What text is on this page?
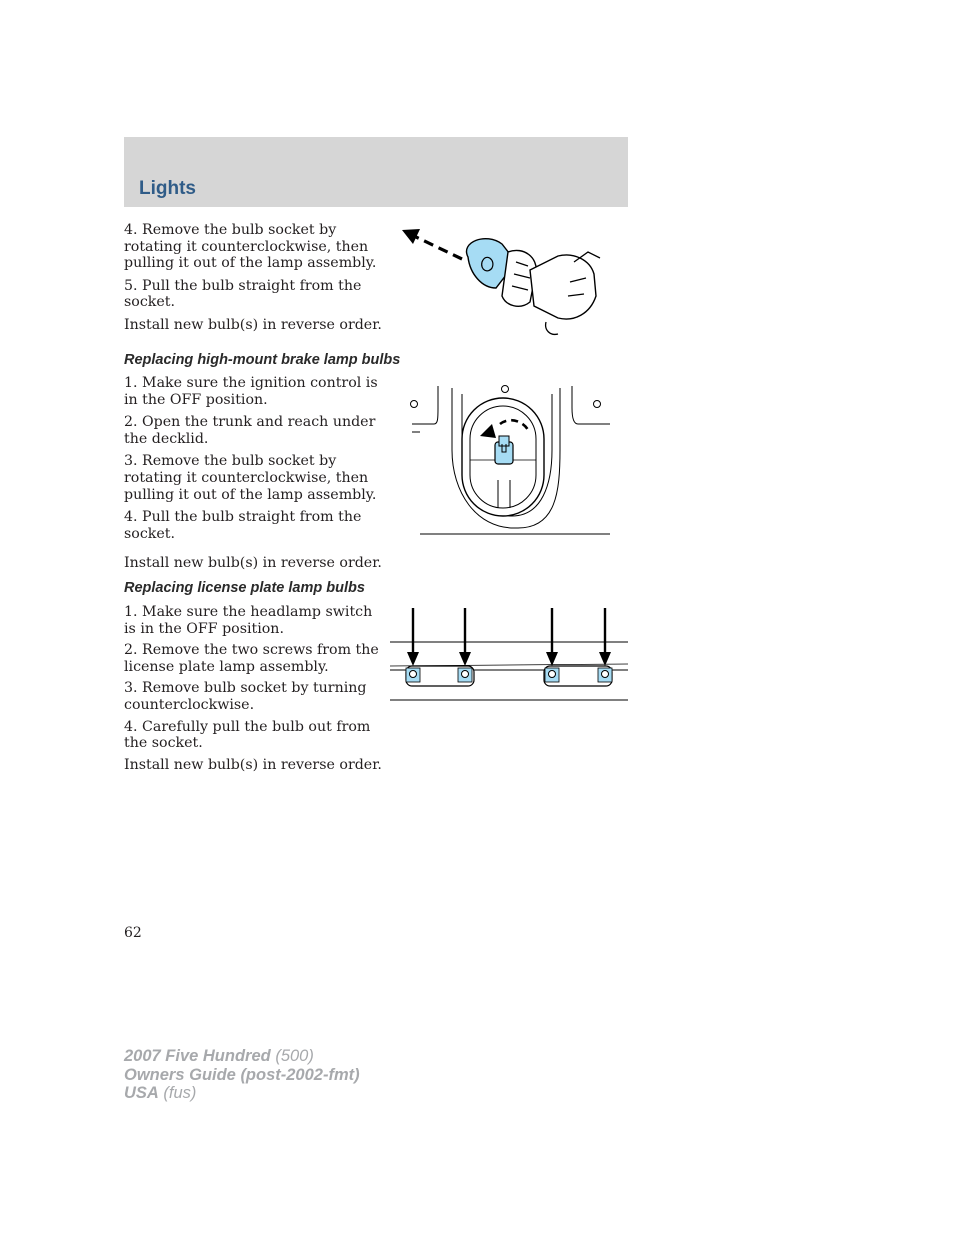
Lights

4. Remove the bulb socket by rotating it counterclockwise, then pulling it out of the lamp assembly.

5. Pull the bulb straight from the socket.

Install new bulb(s) in reverse order.

Replacing high-mount brake lamp bulbs

1. Make sure the ignition control is in the OFF position.

2. Open the trunk and reach under the decklid.

3. Remove the bulb socket by rotating it counterclockwise, then pulling it out of the lamp assembly.

4. Pull the bulb straight from the socket.

Install new bulb(s) in reverse order.

Replacing license plate lamp bulbs

1. Make sure the headlamp switch is in the OFF position.

2. Remove the two screws from the license plate lamp assembly.

3. Remove bulb socket by turning counterclockwise.

4. Carefully pull the bulb out from the socket.

Install new bulb(s) in reverse order.

62
2007 Five Hundred (500)
Owners Guide (post-2002-fmt)
USA (fus)
